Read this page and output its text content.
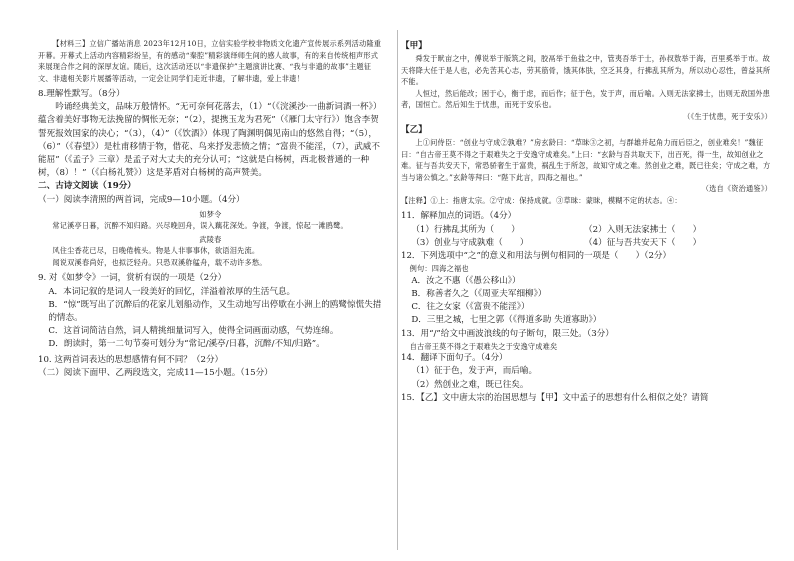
【材料三】立信广播站消息 2023年12月10日，立信实验学校非物质文化遗产宣传展示系列活动隆重开幕。开幕式上活动内容精彩纷呈，有的感动“秦腔”精彩演绎师生间的感人故事，有的来自传统相声形式来展现合作之间的深厚友谊。随后，这次活动还以“非遗保护”主题演讲比赛、“我与非遗的故事”主题征文、非遗相关影片展播等活动，一定会让同学们走近非遗，了解非遗，爱上非遗！

8.理解性默写。（8分）

吟诵经典美文，品味万般情怀。“无可奈何花落去，（1）“（《浣溪沙·一曲新词酒一杯》）蕴含着美好事物无法挽留的惆怅无奈；“（2），提携玉龙为君死”（《雁门太守行》）饱含李贺誓死报效国家的决心；“（3），（4）”（《饮酒》）体现了陶渊明偶见南山的悠然自得；“（5），（6）”（《春望》）是杜甫移情于物，借花、鸟来抒发悲愤之情；“富贵不能淫，（7），武威不能屈”（《孟子》三章）是孟子对大丈夫的充分认可；“这就是白杨树，西北极普通的一种树，（8）！”（《白杨礼赞》）这是茅盾对白杨树的高声赞美。

二、古诗文阅读（19分）

（一）阅读李清照的两首词，完成9—10小题。（4分）

如梦令

常记溪亭日暮，沉醉不知归路。兴尽晚回舟，误入藕花深处。争渡，争渡，惊起一滩鸥鹭。

武陵春

风住尘香花已尽，日晚倦梳头。物是人非事事休，欲语泪先流。

闻说双溪春尚好，也拟泛轻舟。只恐双溪舴艋舟，载不动许多愁。

9. 对《如梦令》一词，赏析有误的一项是（2分）

A．本词记叙的是词人一段美好的回忆，洋溢着浓厚的生活气息。

B．“惊”既写出了沉醉后的花家儿划船动作，又生动地写出停歇在小洲上的鸥鹭惊慌失措的情态。

C．这首词简洁自然，词人精挑细量词写入，使得全词画面动感，气势连绵。

D．朗读时，第一二句节奏可划分为“常记/溪亭/日暮，沉醉/不知/归路”。

10. 这两首词表达的思想感情有何不同？（2分）

（二）阅读下面甲、乙两段选文，完成11—15小题。（15分）

【甲】

舜发于畎亩之中，傅说举于版筑之间，胶鬲举于鱼盐之中，管夷吾举于士，孙叔敖举于海，百里奚举于市。故天将降大任于是人也，必先苦其心志，劳其筋骨，饿其体肤，空乏其身，行拂乱其所为，所以动心忍性，曾益其所不能。

人恒过，然后能改；困于心，衡于虑，而后作；征于色，发于声，而后喻。入则无法家拂士，出则无敌国外患者，国恒亡。然后知生于忧患，而死于安乐也。

（《生于忧患，死于安乐》）

【乙】

上①问侍臣：“创业与守成②孰难？”房玄龄曰：“草昧③之初，与群雄并起角力而后臣之，创业难矣！”魏征曰：“自古帝王莫不得之于艰难失之于安逸守成难矣。”上曰：“玄龄与吾共取天下，出百死，得一生，故知创业之难。征与吾共安天下，常恐骄奢生于富贵，祸乱生于所忽，故知守成之难。然创业之难，既已往矣；守成之难，方当与诸公慎之。”玄龄等拜曰：“陛下此言，四海之福也。”

（选自《资治通鉴》）

【注释】①上：指唐太宗。②守成：保持成就。③草昧：蒙昧，模糊不定的状态。④：

11．解释加点的词语。（4分）

（1）行拂乱其所为（　　）	（2）入则无法家拂士（　　）

（3）创业与守成孰难（　　）	（4）征与吾共安天下（　　）

12．下列选项中“之”的意义和用法与例句相同的一项是（　　）（2分）

例句：四海之福也

A．汝之不惠（《愚公移山》）

B．称善者久之（《周亚夫军细柳》）

C．往之女家（《富贵不能淫》）

D．三里之城，七里之郭（《得道多助 失道寡助》）

13．用“/”给文中画波浪线的句子断句，限三处。（3分）

自古帝王莫不得之于艰难失之于安逸守成难矣

14．翻译下面句子。（4分）

（1）征于色，发于声，而后喻。

（2）然创业之难，既已往矣。

15．【乙】文中唐太宗的治国思想与【甲】文中孟子的思想有什么相似之处？请简
